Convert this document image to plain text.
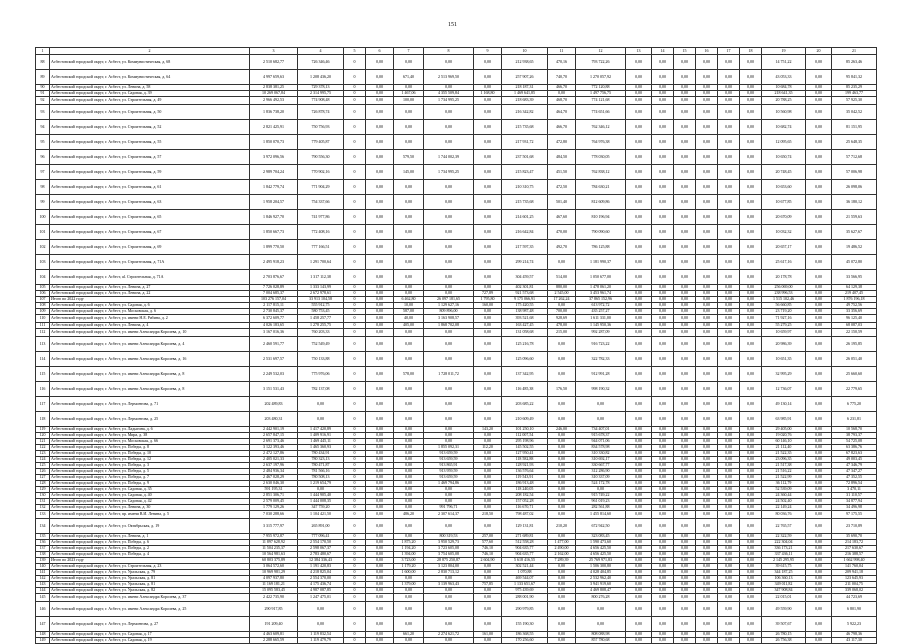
151
1	2	3	4	5	6	7	8	9	10	11	12	13	14	15	16	17	18	19	20	21
88	Асбестовский городской округ, г. Асбест, ул. Коммунистическая, д. 68	2 510 682,77	726 346,46	0	0,00	0,00	0,00	0,00	212 938,65	470,16	793 722,26	0,00	0,00	0,00	0,00	0,00	0,00	14 751,22	0,00	85 263,46
89	Асбестовский городской округ, г. Асбест, ул. Коммунистическая, д. 64	4 997 659,63	1 208 436,20	0	0,00	671,40	2 513 969,50	0,00	257 907,26	740,70	1 270 057,92	0,00	0,00	0,00	0,00	0,00	0,00	43 053,33	0,00	95 841,32
90	Асбестовский городской округ, г. Асбест, ул. Ленина, д. 58	2 838 381,25	729 378,13	0	0,00	0,00	0,00	0,00	218 187,31	466,70	772 120,88	0,00	0,00	0,00	0,00	0,00	0,00	10 684,78	0,00	85 235,29
91	Асбестовский городской округ, г. Асбест, ул. Садовая, д. 39	10 269 067,84	2 314 995,75	0	0,00	1 467,06	4 355 509,84	1 168,80	1 469 641,85	0,00	1 497 756,75	0,00	0,00	0,00	0,00	0,00	0,00	218 641,35	0,00	199 463,77
92	Асбестовский городской округ, г. Асбест, ул. Строительная, д. 49	2 966 492,53	774 908,48	0	0,00	100,00	1 734 995,25	0,00	218 683,39	468,70	774 121,68	0,00	0,00	0,00	0,00	0,00	0,00	20 788,25	0,00	57 925,30
93	Асбестовский городской округ, г. Асбест, ул. Строительная, д. 50	1 836 738,20	726 878,74	0	0,00	0,00	0,00	0,00	216 342,82	464,70	774 651,66	0,00	0,00	0,00	0,00	0,00	0,00	10 560,98	0,00	35 042,52
94	Асбестовский городской округ, г. Асбест, ул. Строительная, д. 52	2 821 425,91	750 756,93	0	0,00	0,00	0,00	0,00	215 735,68	466,70	762 346,12	0,00	0,00	0,00	0,00	0,00	0,00	10 682,74	0,00	81 151,95
95	Асбестовский городской округ, г. Асбест, ул. Строительная, д. 55	1 850 070,73	779 405,87	0	0,00	0,00	0,00	0,00	217 931,72	472,80	764 976,38	0,00	0,00	0,00	0,00	0,00	0,00	12 095,65	0,00	25 648,35
96	Асбестовский городской округ, г. Асбест, ул. Строительная, д. 57	3 972 096,56	790 556,30	0	0,00	579,50	1 744 002,39	0,00	237 501,68	484,50	778 030,05	0,00	0,00	0,00	0,00	0,00	0,00	10 650,74	0,00	57 712,68
97	Асбестовский городской округ, г. Асбест, ул. Строительная, д. 59	2 989 704,24	770 902,16	0	0,00	145,00	1 734 995,25	0,00	215 823,47	451,50	762 838,12	0,00	0,00	0,00	0,00	0,00	0,00	20 748,45	0,00	57 006,98
98	Асбестовский городской округ, г. Асбест, ул. Строительная, д. 61	1 842 779,74	771 904,29	0	0,00	0,00	0,00	0,00	210 310,75	472,50	784 630,21	0,00	0,00	0,00	0,00	0,00	0,00	10 653,60	0,00	26 098,06
99	Асбестовский городской округ, г. Асбест, ул. Строительная, д. 63	1 958 204,57	754 337,66	0	0,00	0,00	0,00	0,00	215 735,68	501,40	812 609,86	0,00	0,00	0,00	0,00	0,00	0,00	10 677,85	0,00	36 180,12
100	Асбестовский городской округ, г. Асбест, ул. Строительная, д. 65	1 846 927,70	741 977,86	0	0,00	0,00	0,00	0,00	214 601,25	467,60	810 196,94	0,00	0,00	0,00	0,00	0,00	0,00	20 670,09	0,00	21 559,63
101	Асбестовский городской округ, г. Асбест, ул. Строительная, д. 67	1 850 667,73	772 408,16	0	0,00	0,00	0,00	0,00	216 642,84	470,00	790 090,60	0,00	0,00	0,00	0,00	0,00	0,00	10 032,32	0,00	35 627,67
102	Асбестовский городской округ, г. Асбест, ул. Строительная, д. 69	1 899 770,50	777 166,51	0	0,00	0,00	0,00	0,00	217 597,35	492,70	786 125,88	0,00	0,00	0,00	0,00	0,00	0,00	20 657,17	0,00	19 486,52
103	Асбестовский городской округ, г. Асбест, ул. Строительная, д. 71А	2 495 918,23	1 291 700,64	0	0,00	0,00	0,00	0,00	299 214,74	0,00	1 181 990,37	0,00	0,00	0,00	0,00	0,00	0,00	25 617,16	0,00	45 072,80
104	Асбестовский городской округ, г. Асбест, ul. Строительная, д. 71А	2 703 876,67	1 317 112,38	0	0,00	0,00	0,00	0,00	304 459,57	514,00	1 050 677,00	0,00	0,00	0,00	0,00	0,00	0,00	20 178,78	0,00	33 566,95
105	Асбестовский городской округ, г. Асбест, ул. Ленина, д. 27	7 726 028,89	1 333 143,99	0	0,00	0,00	0,00	0,00	402 301,81	880,00	1 478 061,20	0,00	0,00	0,00	0,00	0,00	0,00	256 069,00	0,00	64 129,38
106	Асбестовский городской округ, г. Асбест, ул. Ленина, д. 22	7 004 685,37	2 672 978,61	0	0,00	0,00	0,00	727,89	921 573,68	2 545,00	3 453 961,74	0,00	0,00	0,00	0,00	0,00	0,00	238 996,53	0,00	219 407,45
107	Итого по 2022 году	103 276 157,04	33 913 104,58	0	0,00	6 462,80	26 097 181,65	1 795,80	9 175 066,91	17 262,24	37 865 152,96	0,00	0,00	0,00	0,00	0,00	0,00	1 515 102,46	0,00	1 876 196,18
108	Асбестовский городской округ, г. Асбест, ул. Садовая, д. 6	2 117 815,11	555 912,75	0	0,00	10,00	1 129 627,16	160,00	175 420,55	0,00	613 972,72	0,00	0,00	0,00	0,00	0,00	0,00	56 660,85	0,00	49 752,56
109	Асбестовский городской округ, г. Асбест, ул. Московская, д. 6	2 730 845,37	580 753,45	0	0,00	587,00	809 896,00	0,00	138 987,48	700,00	435 257,27	0,00	0,00	0,00	0,00	0,00	0,00	23 719,20	0,00	33 356,69
110	Асбестовский городской округ, г. Асбест, ул. имени Н.Е. Рябина, д. 2	6 372 609,77	1 458 257,77	0	0,00	40,00	3 163 908,57	0,00	393 521,68	928,69	1 611 331,00	0,00	0,00	0,00	0,00	0,00	0,00	71 927,16	0,00	96 125,40
111	Асбестовский городской округ, г. Асбест, ул. Ленина, д. 4	4 026 183,65	1 278 255,75	0	0,00	405,00	1 868 702,08	0,00	163 427,45	478,00	1 145 950,36	0,00	0,00	0,00	0,00	0,00	0,00	55 279,25	0,00	68 087,03
112	Асбестовский городской округ, г. Асбест, ул. имени Александра Королева, д. 10	3 167 016,36	760 203,33	0	0,00	0,00	0,00	0,00	131 058,68	215,00	992 287,09	0,00	0,00	0,00	0,00	0,00	0,00	10 659,97	0,00	22 150,59
113	Асбестовский городской округ, г. Асбест, ул. имени Александра Королева, д. 4	2 460 591,77	752 549,49	0	0,00	0,00	0,00	0,00	125 216,78	0,00	916 723,22	0,00	0,00	0,00	0,00	0,00	0,00	20 986,39	0,00	26 195,85
114	Асбестовский городской округ, г. Асбест, ул. имени Александра Королева, д. 16	2 531 697,57	750 133,88	0	0,00	0,00	0,00	0,00	125 096,60	0,00	322 782,33	0,00	0,00	0,00	0,00	0,00	0,00	10 651,35	0,00	26 051,40
115	Асбестовский городской округ, г. Асбест, ул. имени Александра Королева, д. 8	2 249 532,03	775 976,06	0	0,00	578,00	1 728 011,72	0,00	137 342,95	0,00	912 991,28	0,00	0,00	0,00	0,00	0,00	0,00	32 995,29	0,00	25 660,60
116	Асбестовский городской округ, г. Асбест, ул. имени Александра Королева, д. 8	3 151 531,43	782 137,08	0	0,00	0,00	0,00	0,00	116 485,38	176,50	998 190,32	0,00	0,00	0,00	0,00	0,00	0,00	12 736,07	0,00	22 779,65
117	Асбестовский городской округ, г. Асбест, ул. Лермонтова, д. 71	202 489,83	0,00	0	0,00	0,00	0,00	0,00	203 685,22	0,00	0,00	0,00	0,00	0,00	0,00	0,00	0,00	49 130,14	0,00	6 775,20
118	Асбестовский городской округ, г. Асбест, ул. Лермонтова, д. 25	203 480,31	0,00	0	0,00	0,00	0,00	0,00	210 609,49	0,00	0,00	0,00	0,00	0,00	0,00	0,00	0,00	63 985,91	0,00	6 231,81
119	Асбестовский городской округ, г. Асбест, ул. Ладыгина, д. 6	2 442 901,19	1 417 420,89	0	0,00	0,00	0,00	143,20	101 250,10	246,00	734 407,01	0,00	0,00	0,00	0,00	0,00	0,00	29 405,00	0,00	10 568,70
120	Асбестовский городской округ, г. Асбест, ул. Мира, д. 38	2 657 847,15	1 409 916,91	0	0,00	0,00	0,00	0,00	112 007,54	0,00	915 678,37	0,00	0,00	0,00	0,00	0,00	0,00	19 020,76	0,00	38 793,37
121	Асбестовский городской округ, г. Асбест, ул. Московская, д. 66	2 691 373,46	1 469 445,11	0	0,00	0,00	0,00	0,00	295 198,96	0,00	944 071,06	0,00	0,00	0,00	0,00	0,00	0,00	60 146,10	0,00	54 725,08
122	Асбестовский городской округ, г. Асбест, ул. Победы, д. 8	3 122 393,46	1 465 360,93	0	0,00	0,00	1 855 092,31	112,20	145 502,55	0,00	834 578,98	0,00	0,00	0,00	0,00	0,00	0,00	21 112,40	0,00	63 386,76
123	Асбестовский городской округ, г. Асбест, ул. Победы, д. 10	2 472 127,86	780 434,91	0	0,00	0,00	913 659,59	0,00	127 950,41	0,00	310 330,82	0,00	0,00	0,00	0,00	0,00	0,00	21 522,35	0,00	67 823,63
124	Асбестовский городской округ, г. Асбест, ул. Победы, д. 12	2 405 021,33	780 323,13	0	0,00	0,00	913 659,59	0,00	118 582,88	0,00	310 692,17	0,00	0,00	0,00	0,00	0,00	0,00	23 096,35	0,00	49 003,45
125	Асбестовский городской округ, г. Асбест, ул. Победы, д. 3	2 637 197,96	780 471,87	0	0,00	0,00	913 865,91	0,00	128 921,93	0,00	330 667,77	0,00	0,00	0,00	0,00	0,00	0,00	21 517,38	0,00	47 346,79
126	Асбестовский городской округ, г. Асбест, ул. Победы, д. 5	2 484 936,34	781 566,16	0	0,00	0,00	913 959,59	0,00	136 576,64	0,00	312 286,90	0,00	0,00	0,00	0,00	0,00	0,00	21 516,22	0,00	47 347,27
127	Асбестовский городской округ, г. Асбест, ул. Победы, д. 7	2 467 028,29	780 508,13	0	0,00	0,00	913 659,59	0,00	119 543,91	0,00	310 337,09	0,00	0,00	0,00	0,00	0,00	0,00	21 522,99	0,00	47 352,55
128	Асбестовский городской округ, г. Асбест, ул. Победы, д. 9	2 630 046,30	1 219 654,79	0	0,00	0,00	1 469 794,86	0,00	186 913,48	0,00	524 172,78	0,00	0,00	0,00	0,00	0,00	0,00	36 112,79	0,00	72 896,54
129	Асбестовский городской округ, г. Асбест, ул. Садовая, д. 35	591 195,31	0,00	0	0,00	0,00	0,00	0,00	118 240,05	0,00	0,00	0,00	0,00	0,00	0,00	0,00	0,00	52 539,09	0,00	3 470,11
130	Асбестовский городской округ, г. Асбест, ул. Садовая, д. 40	2 851 306,71	1 444 905,40	0	0,00	0,00	0,00	0,00	208 182,54	0,00	915 749,22	0,00	0,00	0,00	0,00	0,00	0,00	24 360,44	0,00	31 110,57
131	Асбестовский городской округ, г. Асбест, ул. Садовая, д. 42	2 579 009,45	1 444 008,35	0	0,00	0,00	0,00	0,00	157 052,28	0,00	961 019,23	0,00	0,00	0,00	0,00	0,00	0,00	24 502,40	0,00	34 877,94
132	Асбестовский городской округ, г. Асбест, ул. Ленина, д. 30	1 779 129,26	347 759,20	0	0,00	0,00	991 796,71	0,00	116 670,71	0,00	282 561,88	0,00	0,00	0,00	0,00	0,00	0,00	22 149,24	0,00	34 496,98
133	Асбестовский городской округ, г. Асбест, пр. имени В.И. Ленина, д. 5	7 030 288,66	1 104 421,50	0	0,00	486,20	2 307 614,37	218,50	798 487,02	0,00	1 455 814,60	0,00	0,00	0,00	0,00	0,00	0,00	80 036,76	0,00	97 175,55
134	Асбестовский городской округ, г. Асбест, ул. Октябрьская, д. 19	3 315 777,97	265 891,00	0	0,00	0,00	0,00	0,00	129 131,81	210,20	672 942,50	0,00	0,00	0,00	0,00	0,00	0,00	22 765,57	0,00	23 710,89
135	Асбестовский городской округ, г. Асбест, ул. Ленина, д. 1	7 955 972,87	777 096,41	0	0,00	0,00	800 319,53	257,00	271 689,81	0,00	323 083,45	0,00	0,00	0,00	0,00	0,00	0,00	22 322,59	0,00	35 690,70
136	Асбестовский городской округ, г. Асбест, ул. Победы, д. 6	11 897 628,92	2 554 170,50	0	0,00	1 875,20	3 950 529,73	577,60	512 558,28	1 477,00	1 590 473,60	0,00	0,00	0,00	0,00	0,00	0,00	222 304,04	0,00	214 183,72
137	Асбестовский городской округ, г. Асбест, ул. Победы, д. 2	11 504 235,37	2 598 067,37	0	0,00	1 194,20	3 723 605,08	746,10	904 635,77	2 490,00	4 656 425,50	0,00	0,00	0,00	0,00	0,00	0,00	336 173,21	0,00	217 630,67
138	Асбестовский городской округ, г. Асбест, ул. Победы, д. 4	10 564 981,63	2 783 480,67	0	0,00	1 394,00	3 754 605,08	746,10	904 635,77	2 162,00	4 656 425,50	0,00	0,00	0,00	0,00	0,00	0,00	337 436,11	0,00	216 388,57
139	Итого по 2023 году	60 803 375,89	12 384 336,43	0	0,00	3 723,00	28 875 250,87	2 604,90	5 618 416,55	7 289,39	25 769 971,83	0,00	0,00	0,00	0,00	0,00	0,00	2 145 295,95	0,00	1 662 998,40
140	Асбестовский городской округ, г. Асбест, ул. Строительная, д. 23	3 064 572,60	1 191 420,83	0	0,00	1 179,20	3 123 804,00	0,00	302 521,44	0,00	1 506 300,80	0,00	0,00	0,00	0,00	0,00	0,00	39 615,75	0,00	141 760,04
141	Асбестовский городской округ, г. Асбест, ул. Уральская, д. 79	10 969 981,29	4 218 825,04	0	0,00	1 600,00	2 830 713,12	0,00	1 070,88	0,00	4 028 404,85	0,00	0,00	0,00	0,00	0,00	0,00	344 187,25	0,00	209 941,18
142	Асбестовский городской округ, г. Асбест, ул. Уральская, д. 81	4 097 937,80	2 554 370,00	0	0,00	0,00	0,00	0,00	469 544,07	0,00	2 532 962,40	0,00	0,00	0,00	0,00	0,00	0,00	106 360,13	0,00	123 645,93
143	Асбестовский городской округ, г. Асбест, ул. Уральская, д. 81	11 169 181,21	4 175 436,74	0	0,00	1 379,00	3 139 963,43	757,85	1 133 651,67	0,00	3 941 919,60	0,00	0,00	0,00	0,00	0,00	0,00	349 011,82	0,00	211 004,75
144	Асбестовский городской округ, г. Асбест, ул. Уральская, д. 82	15 095 583,45	4 987 087,85	0	0,00	0,00	0,00	0,00	975 439,69	0,00	4 469 808,47	0,00	0,00	0,00	0,00	0,00	0,00	347 908,84	0,00	339 068,02
145	Асбестовский городской округ, г. Асбест, ул. имени Александра Королева, д. 37	2 422 735,90	1 247 475,01	0	0,00	0,00	0,00	0,00	288 001,90	0,00	800 276,28	0,00	0,00	0,00	0,00	0,00	0,00	22 015,01	0,00	44 723,69
146	Асбестовский городской округ, г. Асбест, ул. имени Александра Королева, д. 25	290 917,85	0,00	0	0,00	0,00	0,00	0,00	290 979,85	0,00	0,00	0,00	0,00	0,00	0,00	0,00	0,00	49 559,90	0,00	6 801,90
147	Асбестовский городской округ, г. Асбест, ул. Лермонтова, д. 27	191 209,40	0,00	0	0,00	0,00	0,00	0,00	155 190,30	0,00	0,00	0,00	0,00	0,00	0,00	0,00	0,00	39 507,67	0,00	5 922,23
148	Асбестовский городской округ, г. Асбест, ул. Садовая, д. 17	4 463 609,81	1 119 832,54	0	0,00	661,20	2 274 621,72	161,00	186 368,55	0,00	808 088,98	0,00	0,00	0,00	0,00	0,00	0,00	26 780,15	0,00	46 798,36
149	Асбестовский городской округ, г. Асбест, ул. Садовая, д. 19	2 288 665,59	1 119 479,79	0	0,00	0,00	0,00	0,00	170 256,60	0,00	857 780,68	0,00	0,00	0,00	0,00	0,00	0,00	26 756,38	0,00	43 117,30
